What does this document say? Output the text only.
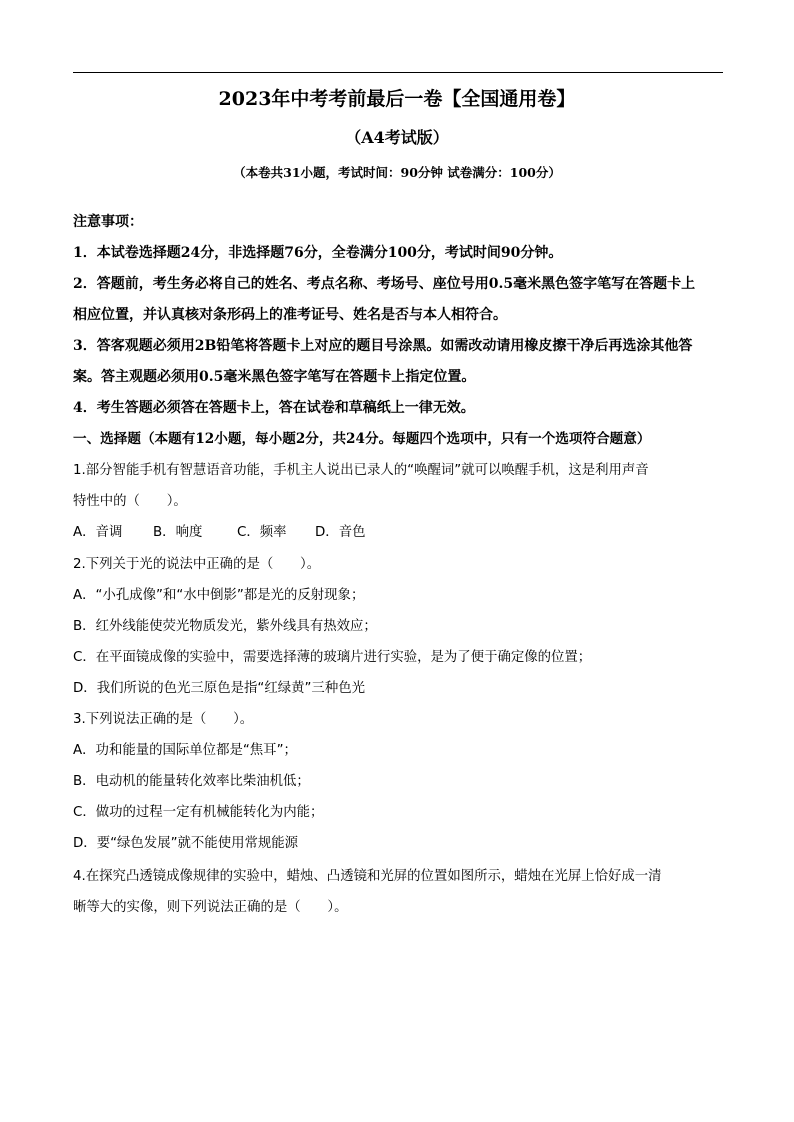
2023年中考考前最后一卷【全国通用卷】
（A4考试版）
（本卷共31小题，考试时间：90分钟 试卷满分：100分）
注意事项：
1．本试卷选择题24分，非选择题76分，全卷满分100分，考试时间90分钟。
2．答题前，考生务必将自己的姓名、考点名称、考场号、座位号用0.5毫米黑色签字笔写在答题卡上
相应位置，并认真核对条形码上的准考证号、姓名是否与本人相符合。
3．答客观题必须用2B铅笔将答题卡上对应的题目号涂黑。如需改动请用橡皮擦干净后再选涂其他答
案。答主观题必须用0.5毫米黑色签字笔写在答题卡上指定位置。
4．考生答题必须答在答题卡上，答在试卷和草稿纸上一律无效。
一、选择题（本题有12小题，每小题2分，共24分。每题四个选项中，只有一个选项符合题意）
1.部分智能手机有智慧语音功能，手机主人说出已录人的“唤醒词”就可以唤醒手机，这是利用声音
特性中的（　　）。
A．音调 B．响度	C．频率 D．音色
2.下列关于光的说法中正确的是（　　）。
A．“小孔成像”和“水中倒影”都是光的反射现象；
B．红外线能使荧光物质发光，紫外线具有热效应；
C．在平面镜成像的实验中，需要选择薄的玻璃片进行实验，是为了便于确定像的位置；
D．我们所说的色光三原色是指“红绿黄”三种色光
3.下列说法正确的是（　　）。
A．功和能量的国际单位都是“焦耳”；
B．电动机的能量转化效率比柴油机低；
C．做功的过程一定有机械能转化为内能；
D．要“绿色发展”就不能使用常规能源
4.在探究凸透镜成像规律的实验中，蜡烛、凸透镜和光屏的位置如图所示，蜡烛在光屏上恰好成一清
晰等大的实像，则下列说法正确的是（　　）。
